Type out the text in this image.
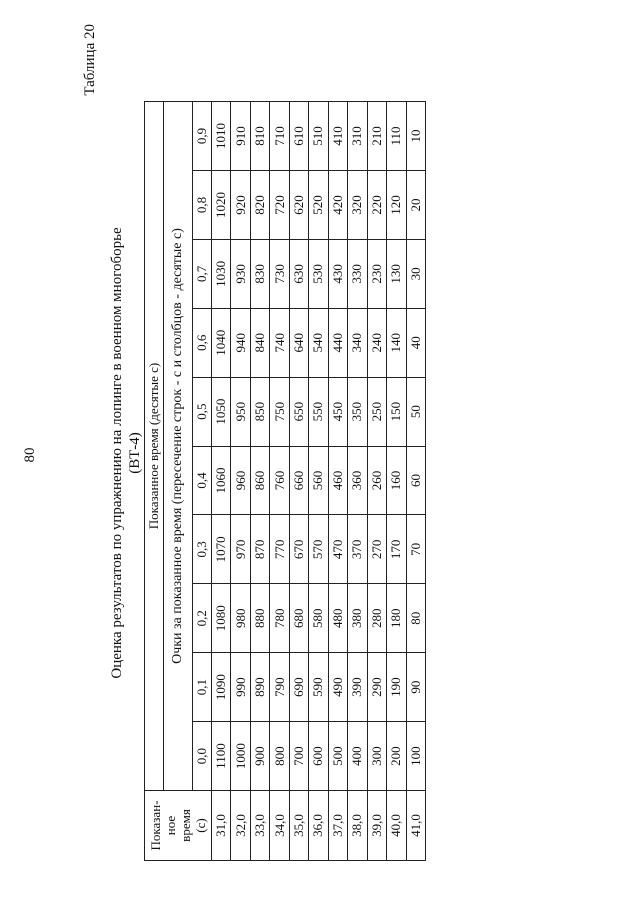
80
Таблица 20
Оценка результатов по упражнению на лопинге в военном многоборье (ВТ-4)
Показан- ное время (с)	Показанное время (десятые с)									
	Очки за показанное время (пересечение строк - с и столбцов - десятые с)									
	0,0	0,1	0,2	0,3	0,4	0,5	0,6	0,7	0,8	0,9
31,0	1100	1090	1080	1070	1060	1050	1040	1030	1020	1010
32,0	1000	990	980	970	960	950	940	930	920	910
33,0	900	890	880	870	860	850	840	830	820	810
34,0	800	790	780	770	760	750	740	730	720	710
35,0	700	690	680	670	660	650	640	630	620	610
36,0	600	590	580	570	560	550	540	530	520	510
37,0	500	490	480	470	460	450	440	430	420	410
38,0	400	390	380	370	360	350	340	330	320	310
39,0	300	290	280	270	260	250	240	230	220	210
40,0	200	190	180	170	160	150	140	130	120	110
41,0	100	90	80	70	60	50	40	30	20	10
